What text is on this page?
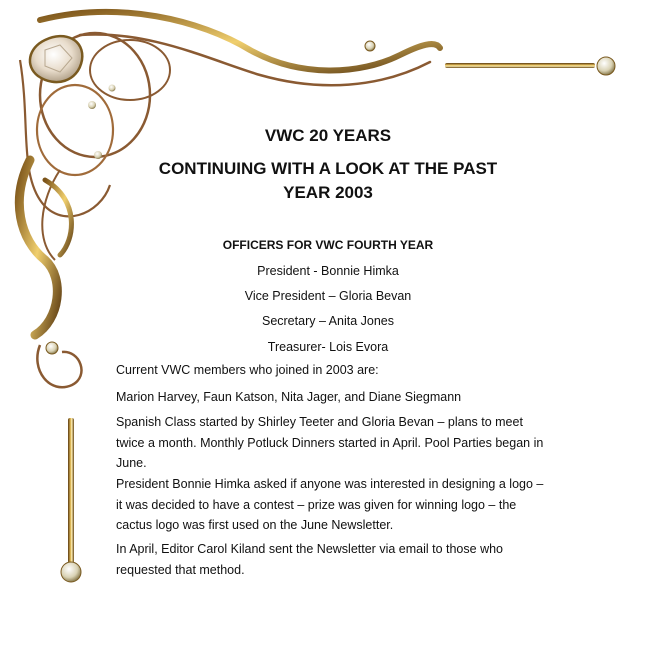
VWC 20 YEARS

CONTINUING WITH A LOOK AT THE PAST

YEAR 2003

OFFICERS FOR VWC FOURTH YEAR

President - Bonnie Himka

Vice President – Gloria Bevan

Secretary – Anita Jones

Treasurer- Lois Evora

Current VWC members who joined in 2003 are:

Marion Harvey, Faun Katson, Nita Jager, and Diane Siegmann

Spanish Class started by Shirley Teeter and Gloria Bevan – plans to meet twice a month. Monthly Potluck Dinners started in April. Pool Parties began in June.

President Bonnie Himka asked if anyone was interested in designing a logo – it was decided to have a contest – prize was given for winning logo – the cactus logo was first used on the June Newsletter.

In April, Editor Carol Kiland sent the Newsletter via email to those who requested that method.
